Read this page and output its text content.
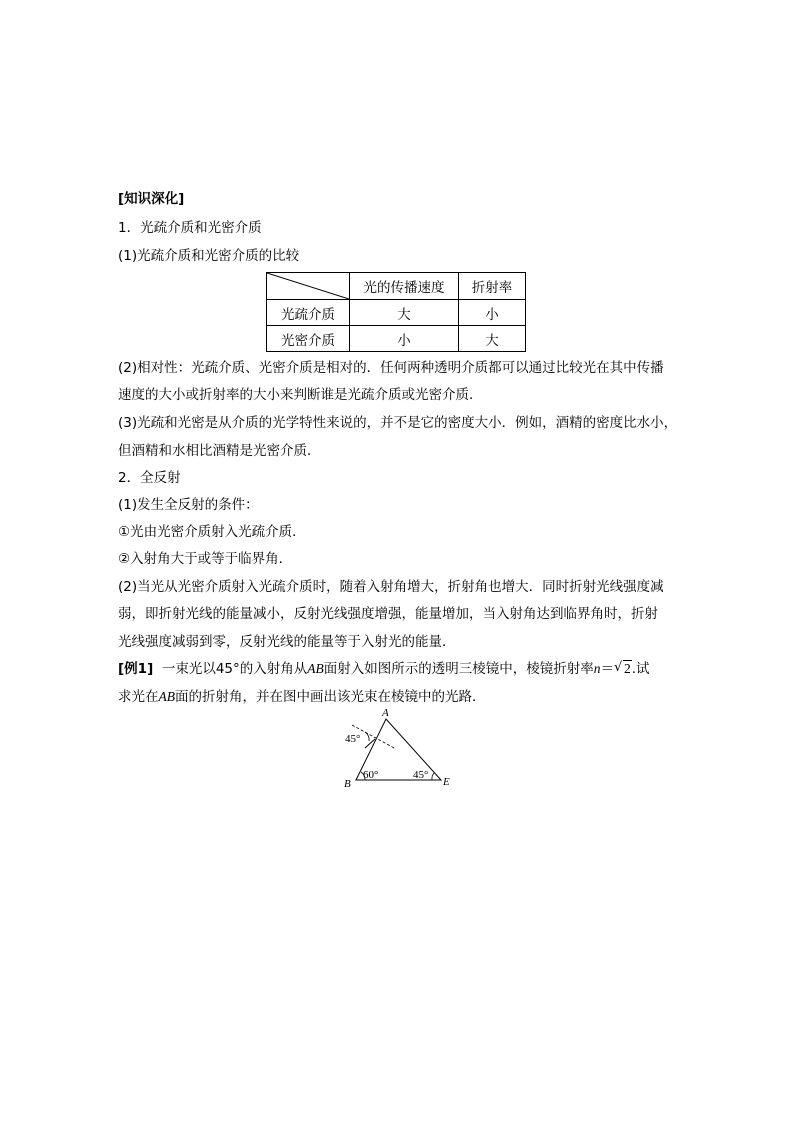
[知识深化]
1．光疏介质和光密介质
(1)光疏介质和光密介质的比较
	光的传播速度	折射率
光疏介质	大	小
光密介质	小	大
(2)相对性：光疏介质、光密介质是相对的．任何两种透明介质都可以通过比较光在其中传播
速度的大小或折射率的大小来判断谁是光疏介质或光密介质．
(3)光疏和光密是从介质的光学特性来说的，并不是它的密度大小．例如，酒精的密度比水小，
但酒精和水相比酒精是光密介质．
2．全反射
(1)发生全反射的条件：
①光由光密介质射入光疏介质．
②入射角大于或等于临界角．
(2)当光从光密介质射入光疏介质时，随着入射角增大，折射角也增大．同时折射光线强度减
弱，即折射光线的能量减小，反射光线强度增强，能量增加，当入射角达到临界角时，折射
光线强度减弱到零，反射光线的能量等于入射光的能量．
[例1] 一束光以45°的入射角从AB面射入如图所示的透明三棱镜中，棱镜折射率n＝ √ 2.试
求光在AB面的折射角，并在图中画出该光束在棱镜中的光路．
A
B	E
45°
60°	45°
